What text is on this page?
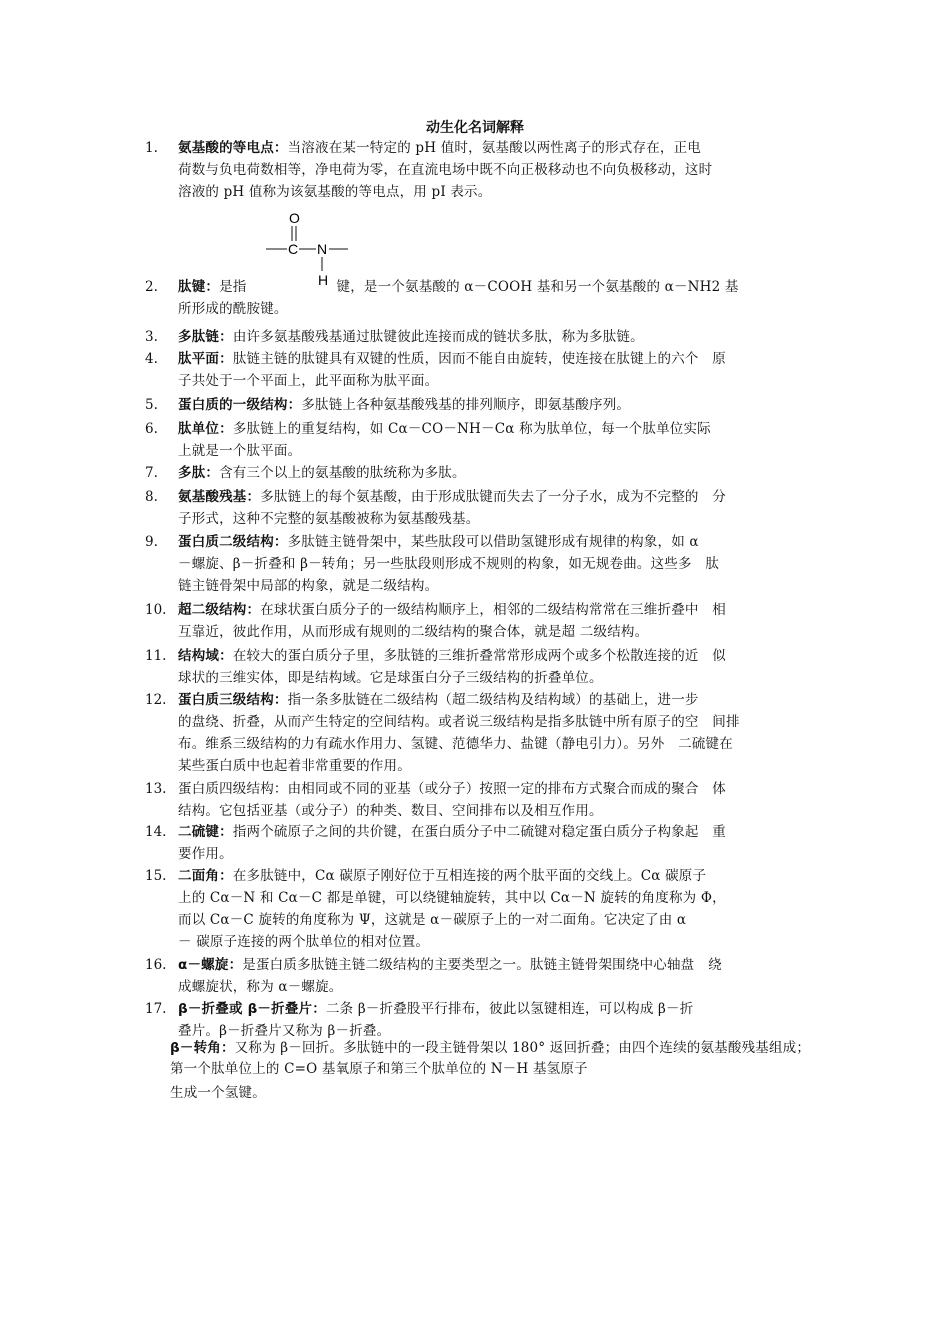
动生化名词解释
O
C N
H
1.	氨基酸的等电点：当溶液在某一特定的 pH 值时，氨基酸以两性离子的形式存在，正电
荷数与负电荷数相等，净电荷为零，在直流电场中既不向正极移动也不向负极移动，这时
溶液的 pH 值称为该氨基酸的等电点，用 pI 表示。
2.	肽键：是指	键，是一个氨基酸的 α－COOH 基和另一个氨基酸的 α－NH2 基
所形成的酰胺键。
3.	多肽链：由许多氨基酸残基通过肽键彼此连接而成的链状多肽，称为多肽链。
4.	肽平面：肽链主链的肽键具有双键的性质，因而不能自由旋转，使连接在肽键上的六个　原
子共处于一个平面上，此平面称为肽平面。
5.	蛋白质的一级结构：多肽链上各种氨基酸残基的排列顺序，即氨基酸序列。
6.	肽单位：多肽链上的重复结构，如 Cα－CO－NH－Cα 称为肽单位，每一个肽单位实际
上就是一个肽平面。
7.	多肽：含有三个以上的氨基酸的肽统称为多肽。
8.	氨基酸残基：多肽链上的每个氨基酸，由于形成肽键而失去了一分子水，成为不完整的　分
子形式，这种不完整的氨基酸被称为氨基酸残基。
9.	蛋白质二级结构：多肽链主链骨架中，某些肽段可以借助氢键形成有规律的构象，如 α
－螺旋、β－折叠和 β－转角；另一些肽段则形成不规则的构象，如无规卷曲。这些多　肽
链主链骨架中局部的构象，就是二级结构。
10. 超二级结构：在球状蛋白质分子的一级结构顺序上，相邻的二级结构常常在三维折叠中　相
互靠近，彼此作用，从而形成有规则的二级结构的聚合体，就是超 二级结构。
11. 结构域：在较大的蛋白质分子里，多肽链的三维折叠常常形成两个或多个松散连接的近　似
球状的三维实体，即是结构域。它是球蛋白分子三级结构的折叠单位。
12. 蛋白质三级结构：指一条多肽链在二级结构（超二级结构及结构域）的基础上，进一步
的盘绕、折叠，从而产生特定的空间结构。或者说三级结构是指多肽链中所有原子的空　间排
布。维系三级结构的力有疏水作用力、氢键、范德华力、盐键（静电引力）。另外　二硫键在
某些蛋白质中也起着非常重要的作用。
13. 蛋白质四级结构：由相同或不同的亚基（或分子）按照一定的排布方式聚合而成的聚合　体
结构。它包括亚基（或分子）的种类、数目、空间排布以及相互作用。
14. 二硫键：指两个硫原子之间的共价键，在蛋白质分子中二硫键对稳定蛋白质分子构象起　重
要作用。
15. 二面角：在多肽链中，Cα 碳原子刚好位于互相连接的两个肽平面的交线上。Cα 碳原子
上的 Cα－N 和 Cα－C 都是单键，可以绕键轴旋转，其中以 Cα－N 旋转的角度称为 Φ，
而以 Cα－C 旋转的角度称为 Ψ，这就是 α－碳原子上的一对二面角。它决定了由 α
－ 碳原子连接的两个肽单位的相对位置。
16. α－螺旋：是蛋白质多肽链主链二级结构的主要类型之一。肽链主链骨架围绕中心轴盘　绕
成螺旋状，称为 α－螺旋。
17. β－折叠或 β－折叠片：二条 β－折叠股平行排布，彼此以氢键相连，可以构成 β－折
叠片。β－折叠片又称为 β－折叠。
β－转角：又称为 β－回折。多肽链中的一段主链骨架以 180° 返回折叠；由四个连续的氨基酸残基组成；
第一个肽单位上的 C=O 基氧原子和第三个肽单位的 N－H 基氢原子
生成一个氢键。
